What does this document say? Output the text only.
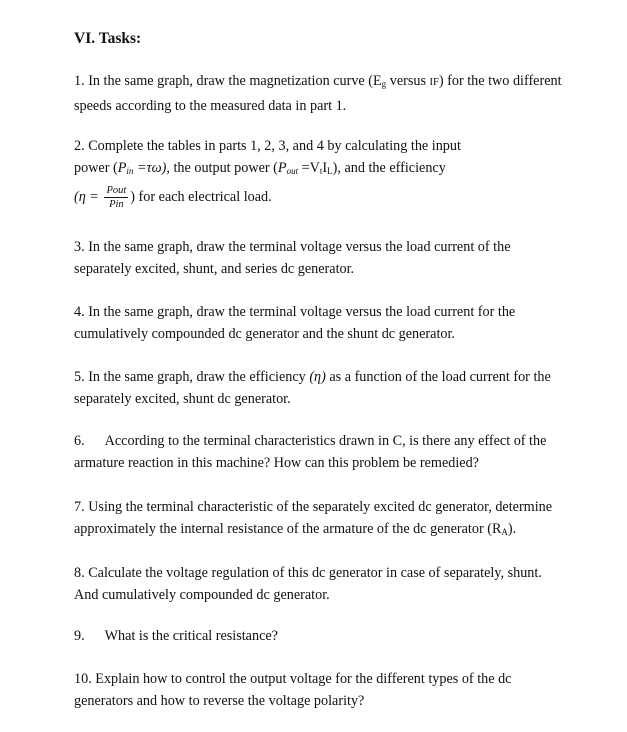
VI. Tasks:
1. In the same graph, draw the magnetization curve ($E_g$ versus IF) for the two different
speeds according to the measured data in part 1.
2. Complete the tables in parts 1, 2, 3, and 4 by calculating the input
power $(P_{in} =\tau\omega)$, the output power $(P_{out} =V_tI_L)$, and the efficiency
($\eta = \frac{\text{Pout}}{\text{Pin}}$ ) for each electrical load.
3. In the same graph, draw the terminal voltage versus the load current of the
separately excited, shunt, and series dc generator.
4. In the same graph, draw the terminal voltage versus the load current for the
cumulatively compounded dc generator and the shunt dc generator.
5. In the same graph, draw the efficiency (η) as a function of the load current for the
separately excited, shunt dc generator.
6. According to the terminal characteristics drawn in C, is there any effect of the
armature reaction in this machine? How can this problem be remedied?
7. Using the terminal characteristic of the separately excited dc generator, determine
approximately the internal resistance of the armature of the dc generator $(R_A)$.
8. Calculate the voltage regulation of this dc generator in case of separately, shunt.
And cumulatively compounded dc generator.
9. What is the critical resistance?
10. Explain how to control the output voltage for the different types of the dc
generators and how to reverse the voltage polarity?
